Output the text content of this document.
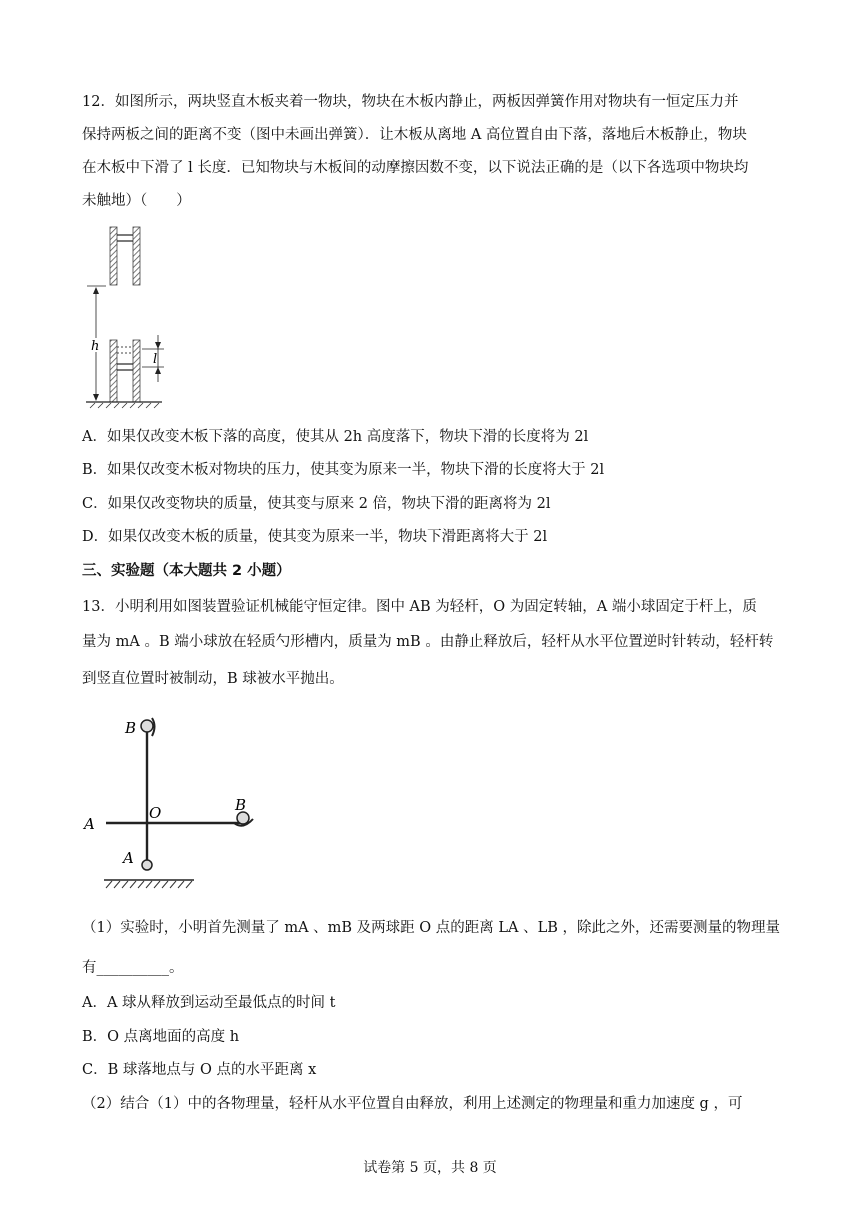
12．如图所示，两块竖直木板夹着一物块，物块在木板内静止，两板因弹簧作用对物块有一恒定压力并
保持两板之间的距离不变（图中未画出弹簧）．让木板从离地 A 高位置自由下落，落地后木板静止，物块
在木板中下滑了 l 长度．已知物块与木板间的动摩擦因数不变，以下说法正确的是（以下各选项中物块均
未触地）（　　）
h
l
A．如果仅改变木板下落的高度，使其从 2h 高度落下，物块下滑的长度将为 2l
B．如果仅改变木板对物块的压力，使其变为原来一半，物块下滑的长度将大于 2l
C．如果仅改变物块的质量，使其变与原来 2 倍，物块下滑的距离将为 2l
D．如果仅改变木板的质量，使其变为原来一半，物块下滑距离将大于 2l
三、实验题（本大题共 2 小题）
13．小明利用如图装置验证机械能守恒定律。图中 AB 为轻杆，O 为固定转轴，A 端小球固定于杆上，质
量为 mA 。B 端小球放在轻质勺形槽内，质量为 mB 。由静止释放后，轻杆从水平位置逆时针转动，轻杆转
到竖直位置时被制动，B 球被水平抛出。
B
B
A
O
A
（1）实验时，小明首先测量了 mA 、mB 及两球距 O 点的距离 LA 、LB ，除此之外，还需要测量的物理量
有__________。
A．A 球从释放到运动至最低点的时间 t
B．O 点离地面的高度 h
C．B 球落地点与 O 点的水平距离 x
（2）结合（1）中的各物理量，轻杆从水平位置自由释放，利用上述测定的物理量和重力加速度 g ，可
试卷第 5 页，共 8 页
